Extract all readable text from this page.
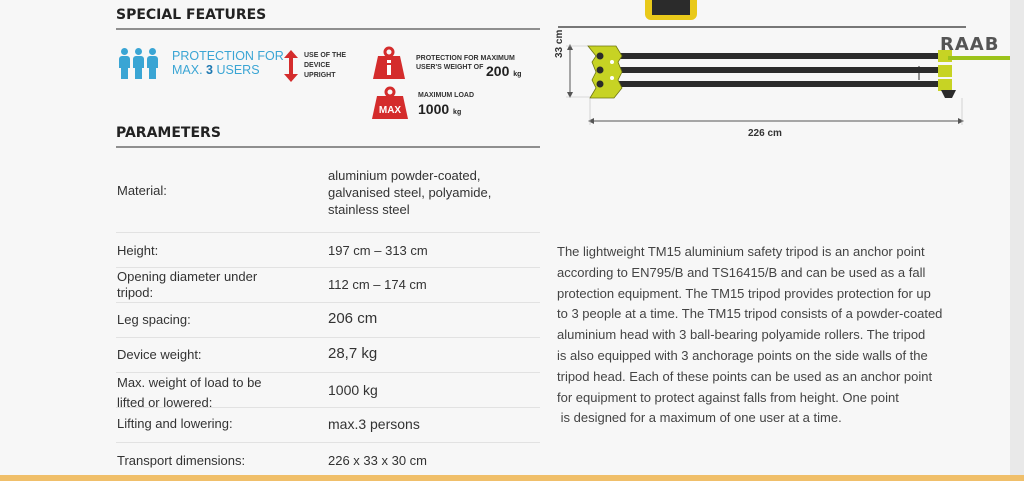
SPECIAL FEATURES
PROTECTION FOR
MAX. 3 USERS
USE OF THE
DEVICE
UPRIGHT
PROTECTION FOR MAXIMUM
USER'S WEIGHT OF 200 kg
MAX
MAXIMUM LOAD
1000 kg
PARAMETERS
Material:
aluminium powder-coated,
galvanised steel, polyamide,
stainless steel
Height:	197 cm – 313 cm
Opening diameter under
tripod:
112 cm – 174 cm
Leg spacing:	206 cm
Device weight:	28,7 kg
Max. weight of load to be
lifted or lowered:
1000 kg
Lifting and lowering:	max.3 persons
Transport dimensions:	226 x 33 x 30 cm
33 cm
226 cm
RAAB

The lightweight TM15 aluminium safety tripod is an anchor point

according to EN795/B and TS16415/B and can be used as a fall

protection equipment. The TM15 tripod provides protection for up

to 3 people at a time. The TM15 tripod consists of a powder-coated

aluminium head with 3 ball-bearing polyamide rollers. The tripod

is also equipped with 3 anchorage points on the side walls of the

tripod head. Each of these points can be used as an anchor point

for equipment to protect against falls from height. One point

is designed for a maximum of one user at a time.
